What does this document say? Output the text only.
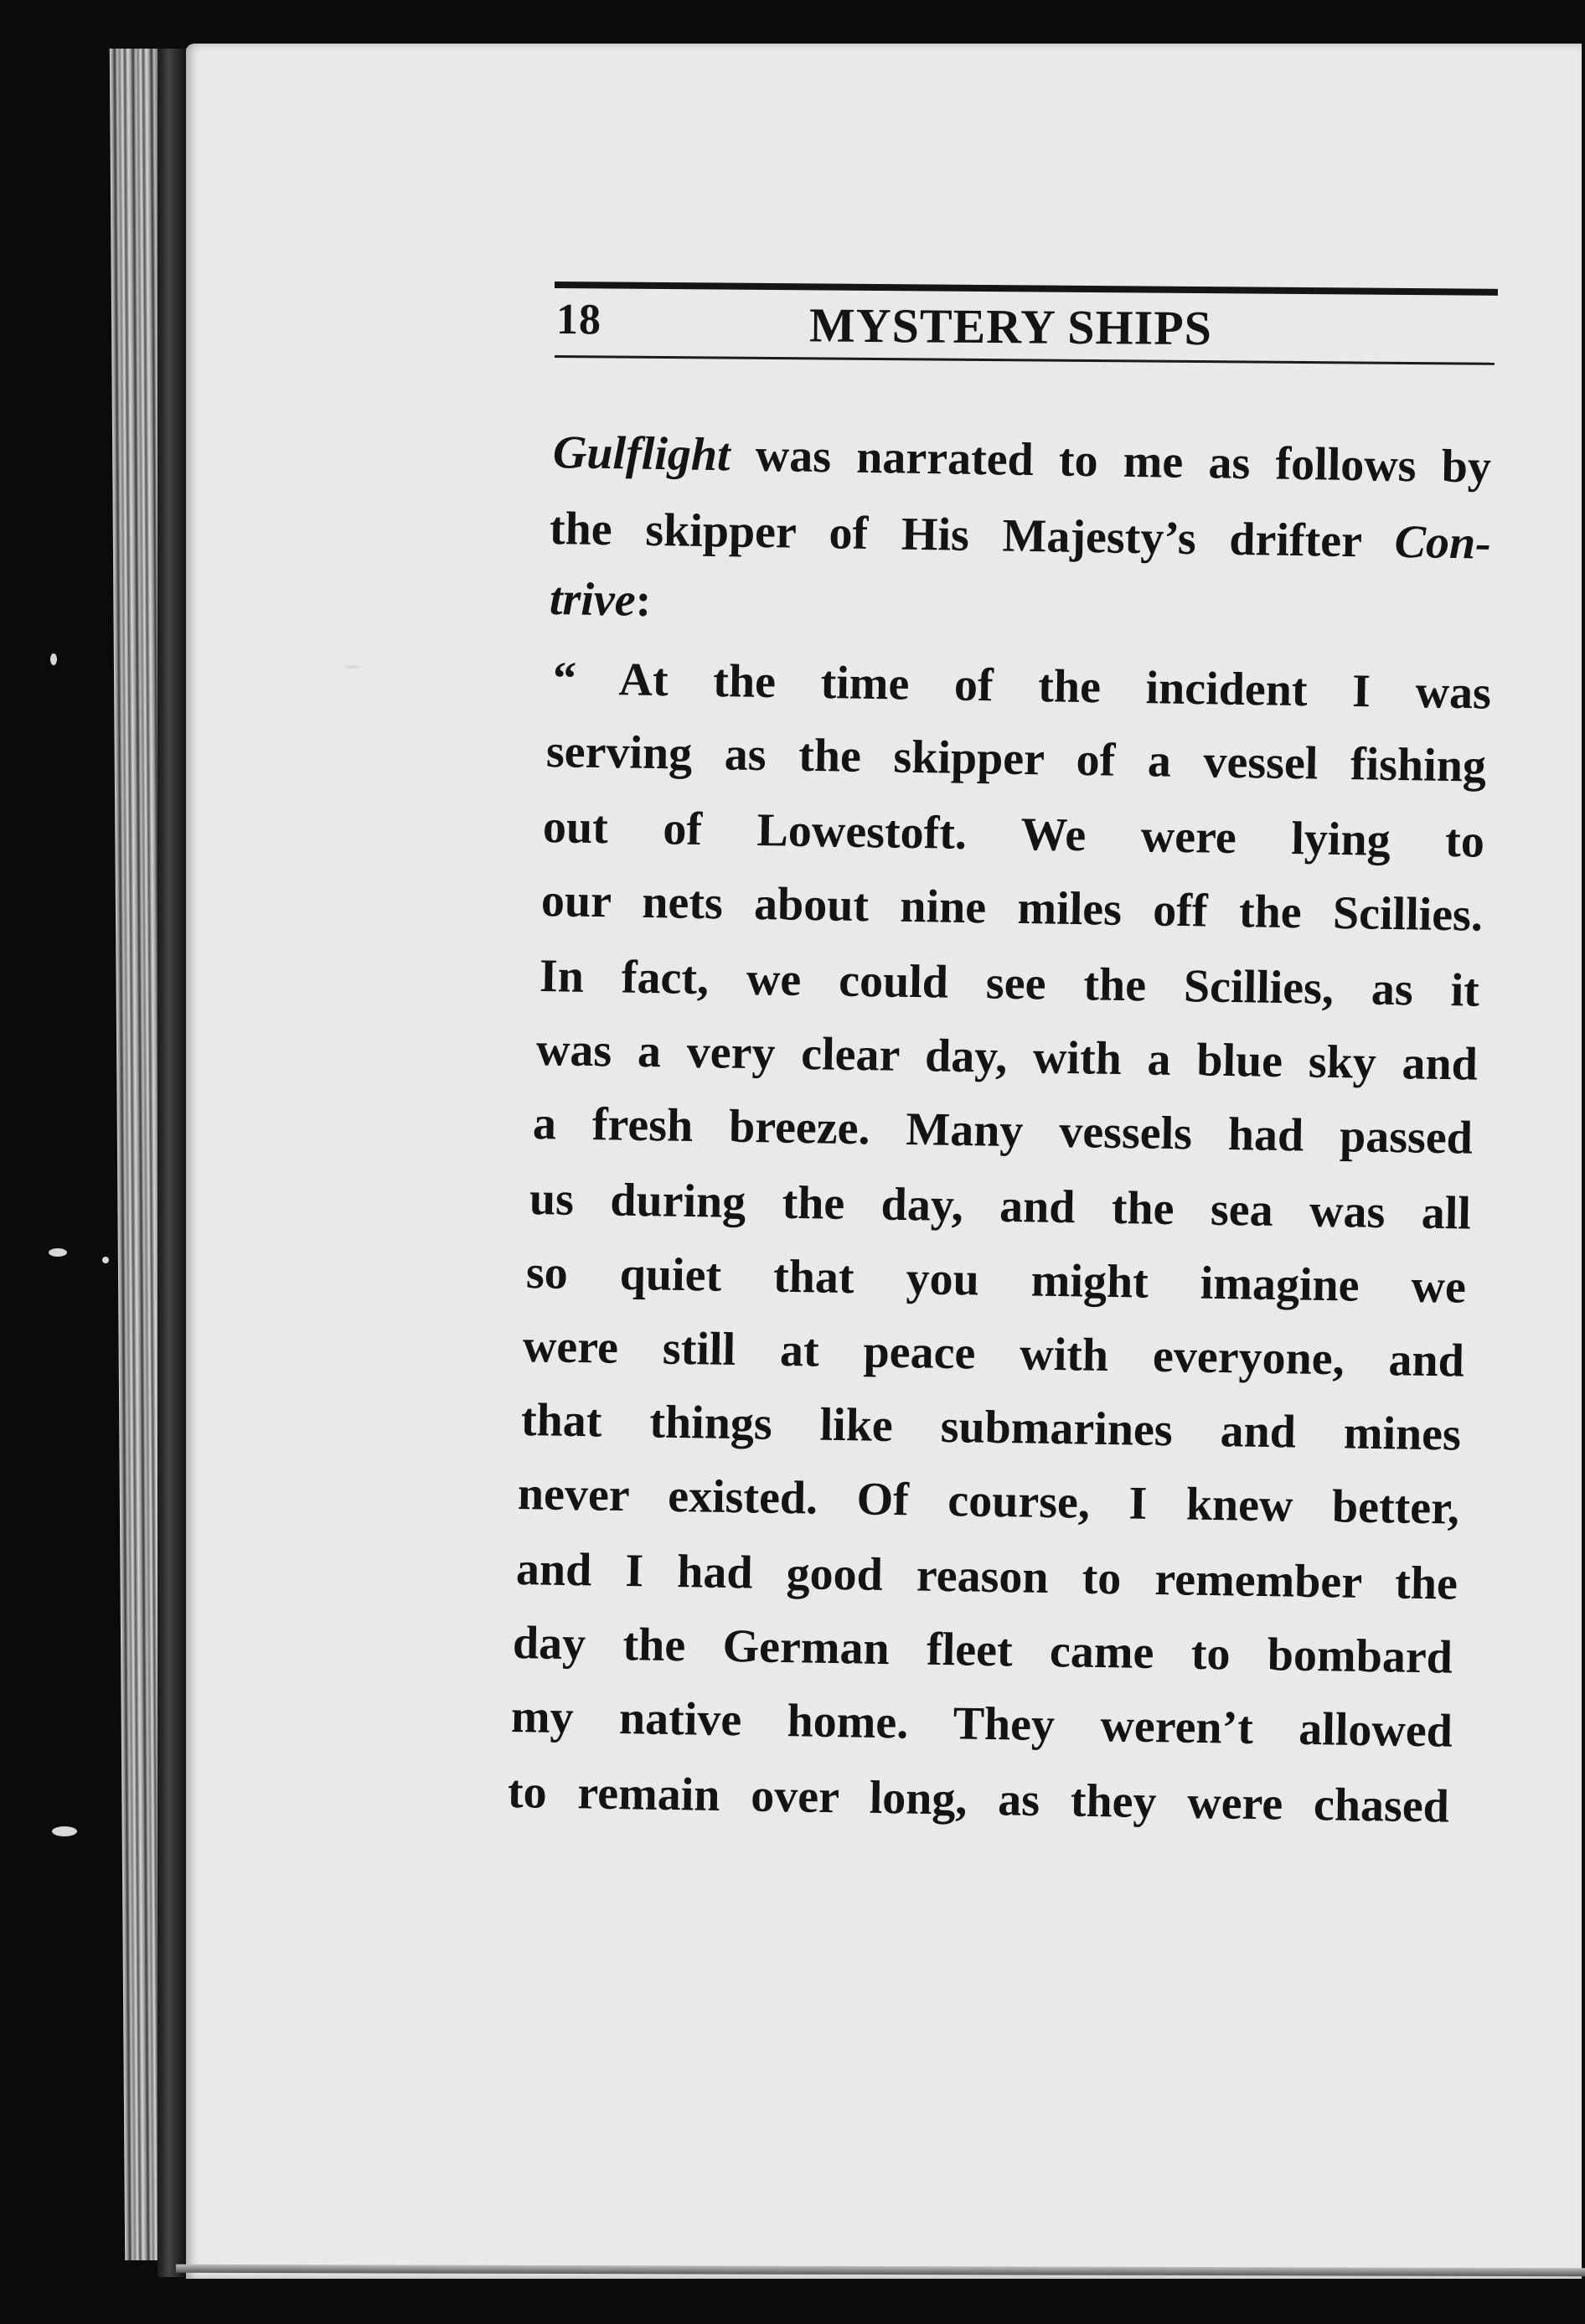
18	MYSTERY SHIPS
Gulflight was narrated to me as follows by
the skipper of His Majesty’s drifter Con-
trive:
“ At the time of the incident I was
serving as the skipper of a vessel fishing
out of Lowestoft. We were lying to
our nets about nine miles off the Scillies.
In fact, we could see the Scillies, as it
was a very clear day, with a blue sky and
a fresh breeze. Many vessels had passed
us during the day, and the sea was all
so quiet that you might imagine we
were still at peace with everyone, and
that things like submarines and mines
never existed. Of course, I knew better,
and I had good reason to remember the
day the German fleet came to bombard
my native home. They weren’t allowed
to remain over long, as they were chased
